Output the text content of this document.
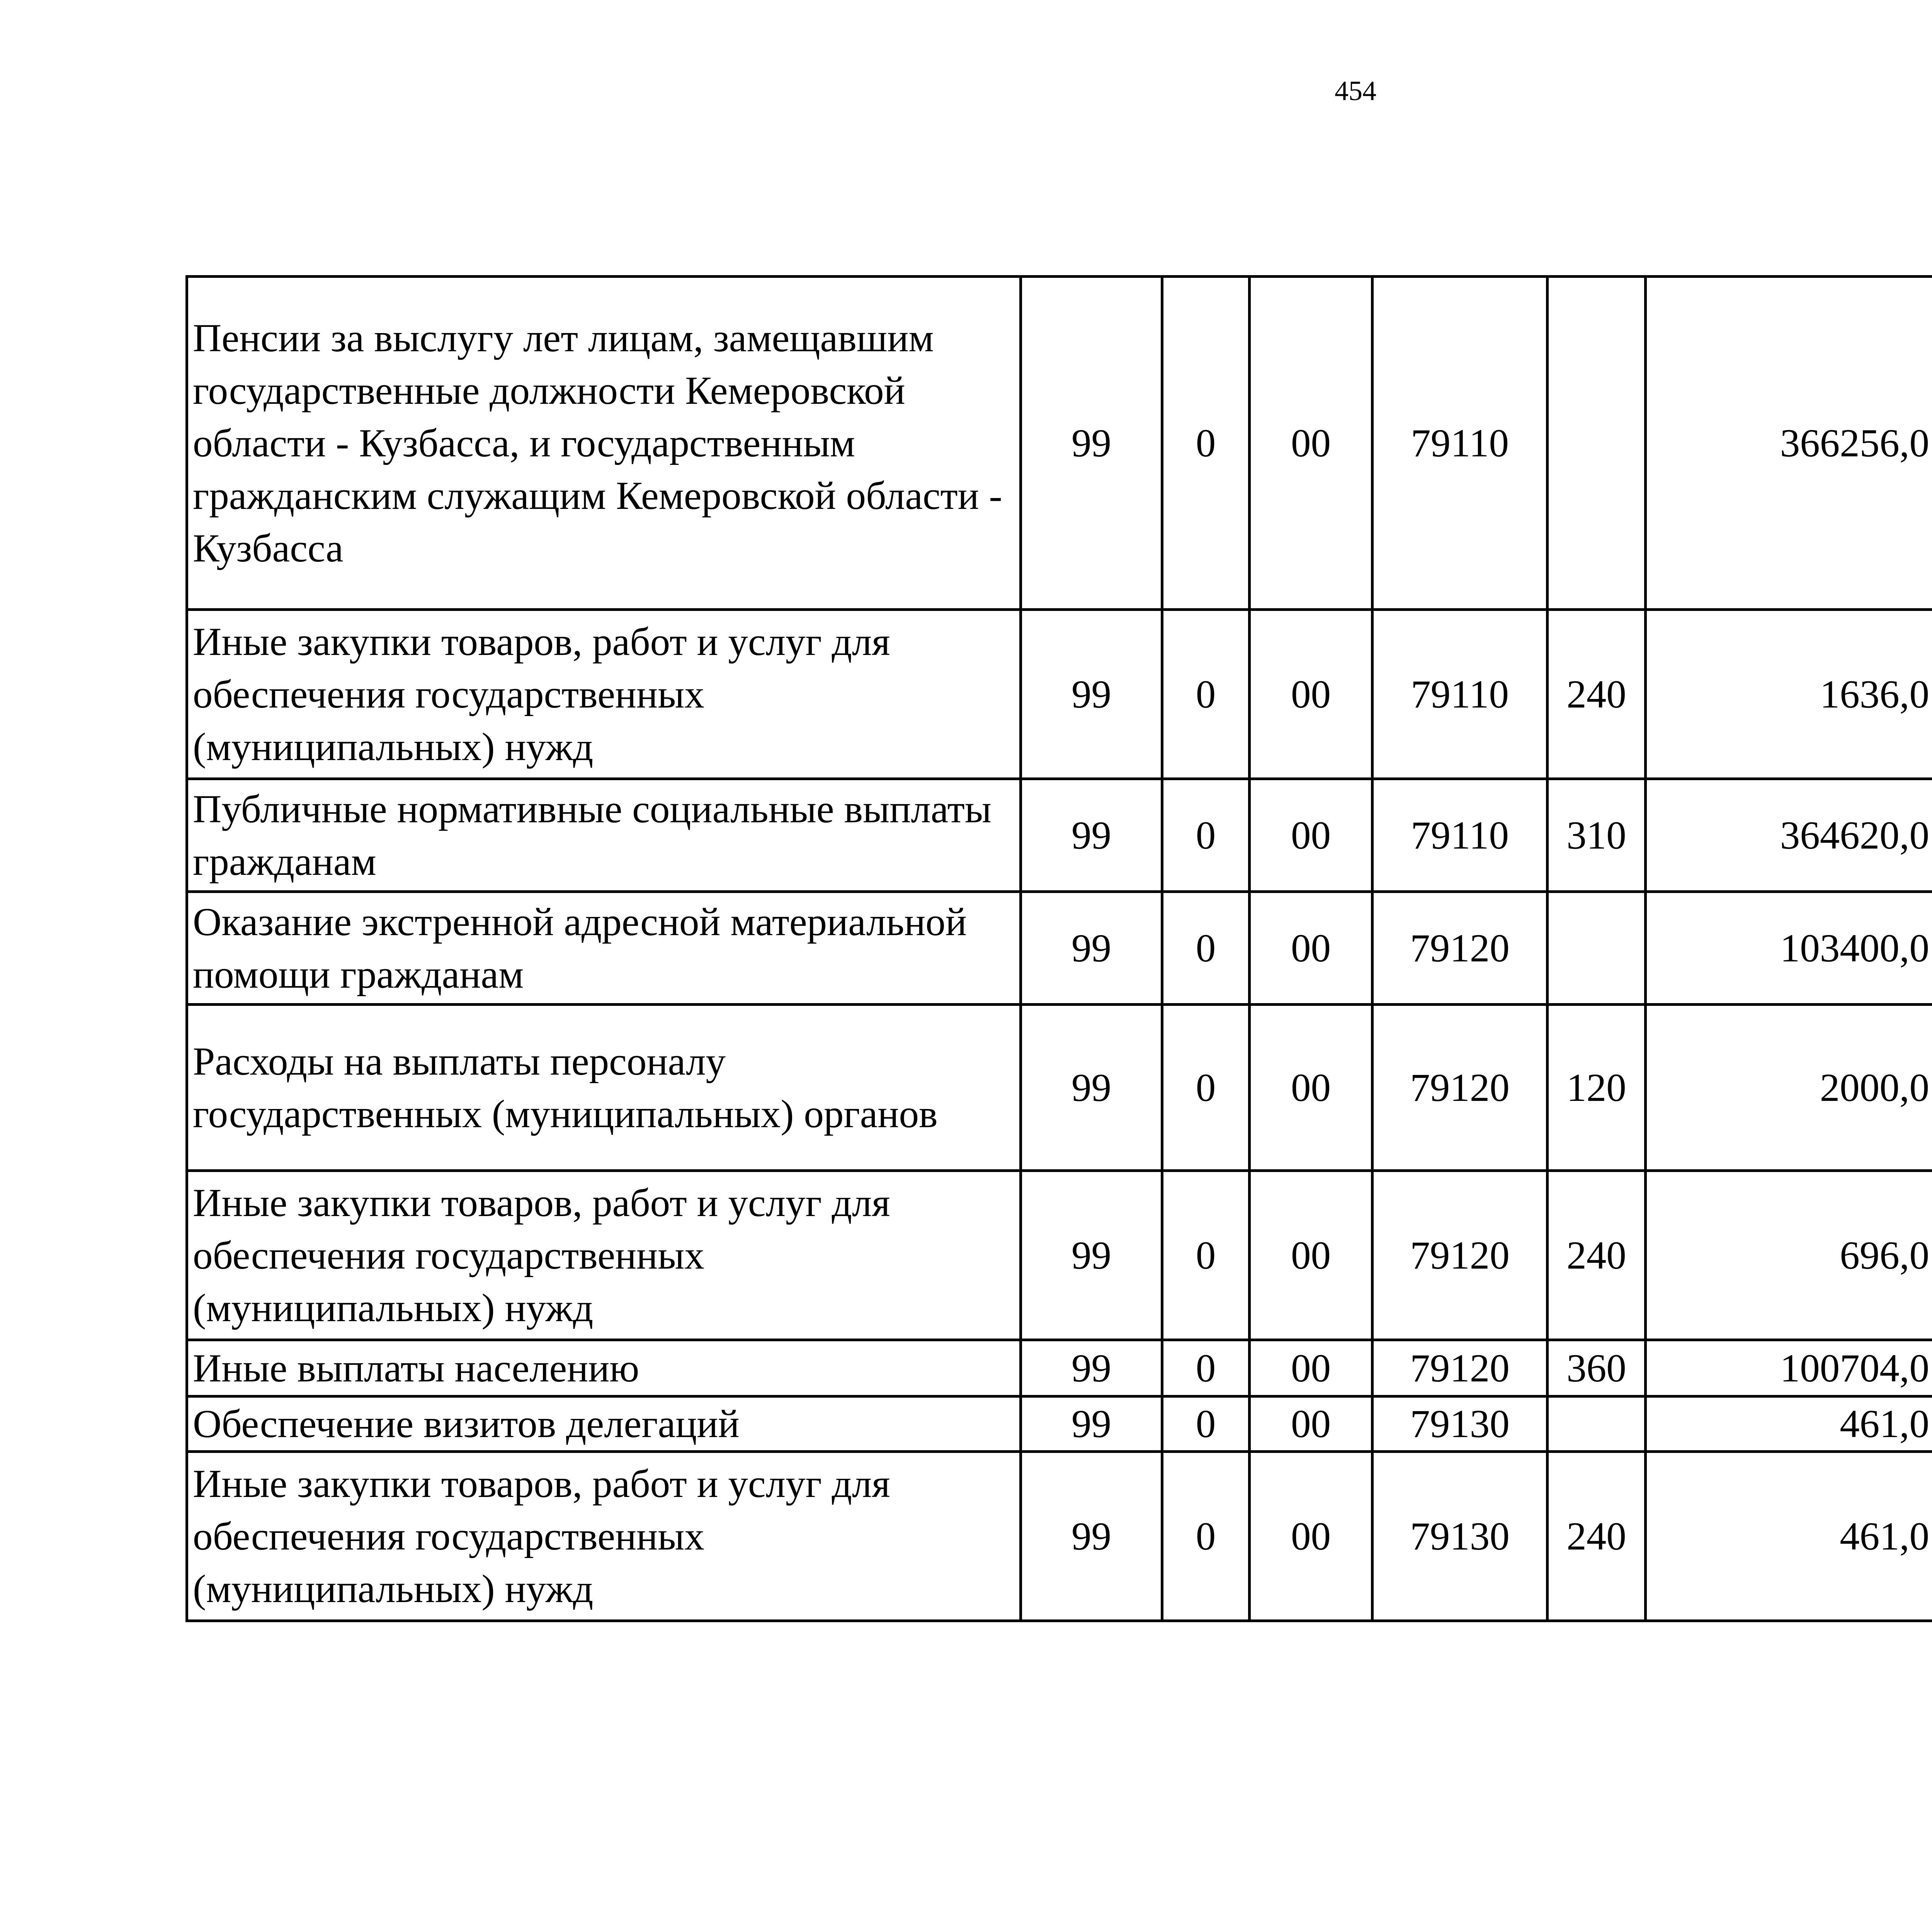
454
Пенсии за выслугу лет лицам, замещавшим государственные должности Кемеровской области - Кузбасса, и государственным гражданским служащим Кемеровской области - Кузбасса	99	0	00	79110		366256,0		
Иные закупки товаров, работ и услуг для обеспечения государственных (муниципальных) нужд	99	0	00	79110	240	1636,0		
Публичные нормативные социальные выплаты гражданам	99	0	00	79110	310	364620,0		
Оказание экстренной адресной материальной помощи гражданам	99	0	00	79120		103400,0		
Расходы на выплаты персоналу государственных (муниципальных) органов	99	0	00	79120	120	2000,0		
Иные закупки товаров, работ и услуг для обеспечения государственных (муниципальных) нужд	99	0	00	79120	240	696,0		
Иные выплаты населению	99	0	00	79120	360	100704,0		
Обеспечение визитов делегаций	99	0	00	79130		461,0		
Иные закупки товаров, работ и услуг для обеспечения государственных (муниципальных) нужд	99	0	00	79130	240	461,0		
